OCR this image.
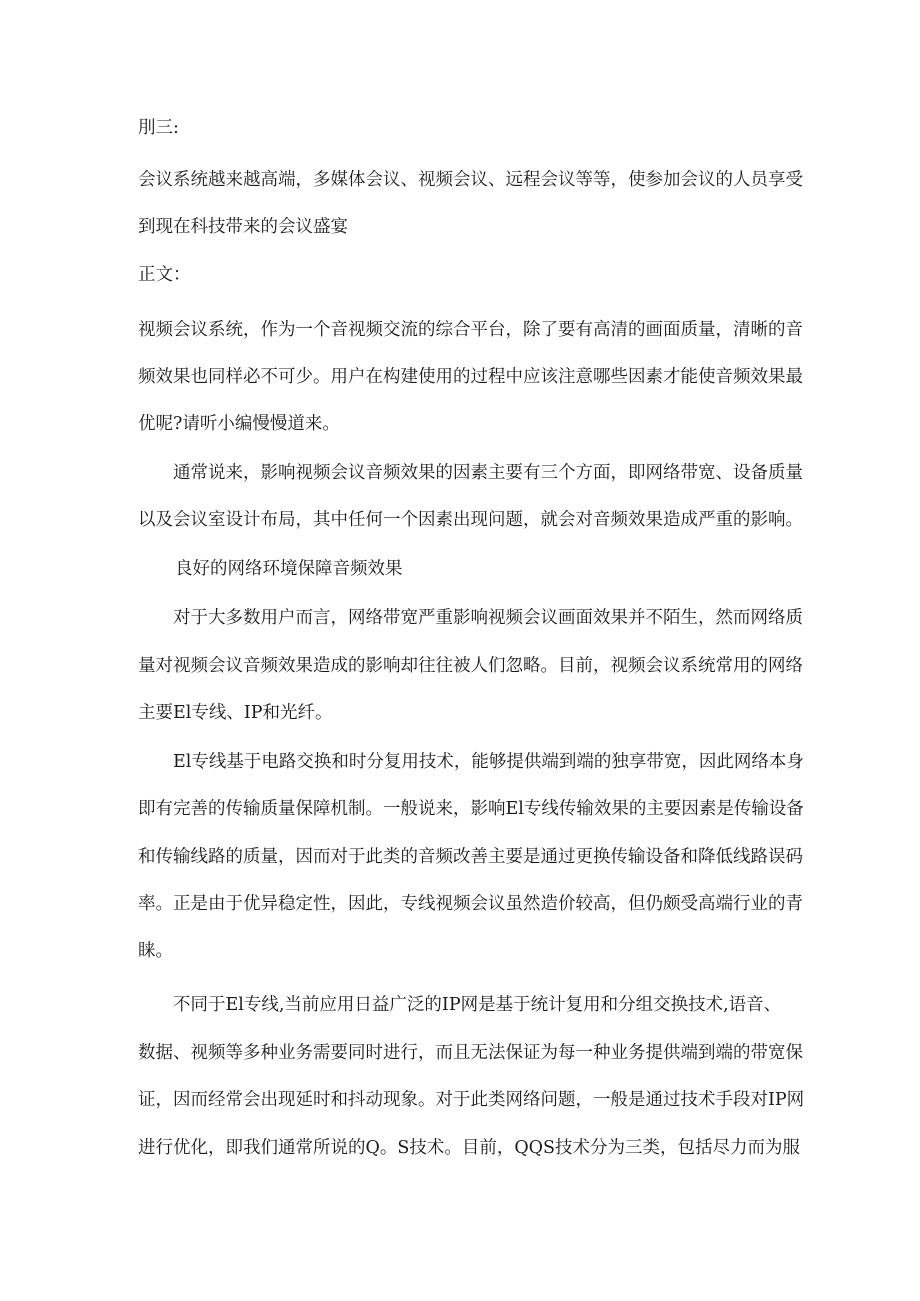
刖三:
会议系统越来越高端，多媒体会议、视频会议、远程会议等等，使参加会议的人员享受
到现在科技带来的会议盛宴
正文：
视频会议系统，作为一个音视频交流的综合平台，除了要有高清的画面质量，清晰的音
频效果也同样必不可少。用户在构建使用的过程中应该注意哪些因素才能使音频效果最
优呢?请听小编慢慢道来。
通常说来，影响视频会议音频效果的因素主要有三个方面，即网络带宽、设备质量
以及会议室设计布局，其中任何一个因素出现问题，就会对音频效果造成严重的影响。
良好的网络环境保障音频效果
对于大多数用户而言，网络带宽严重影响视频会议画面效果并不陌生，然而网络质
量对视频会议音频效果造成的影响却往往被人们忽略。目前，视频会议系统常用的网络
主要El专线、IP和光纤。
El专线基于电路交换和时分复用技术，能够提供端到端的独享带宽，因此网络本身
即有完善的传输质量保障机制。一般说来，影响El专线传输效果的主要因素是传输设备
和传输线路的质量，因而对于此类的音频改善主要是通过更换传输设备和降低线路误码
率。正是由于优异稳定性，因此，专线视频会议虽然造价较高，但仍颇受高端行业的青
睐。
不同于El专线,当前应用日益广泛的IP网是基于统计复用和分组交换技术,语音、
数据、视频等多种业务需要同时进行，而且无法保证为每一种业务提供端到端的带宽保
证，因而经常会出现延时和抖动现象。对于此类网络问题，一般是通过技术手段对IP网
进行优化，即我们通常所说的Q。S技术。目前，QQS技术分为三类，包括尽力而为服
